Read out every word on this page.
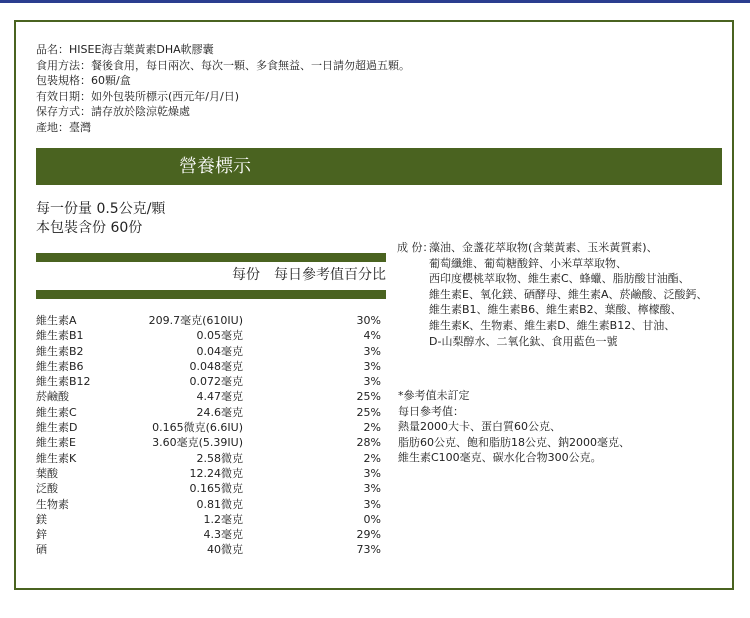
品名：HISEE海吉葉黃素DHA軟膠囊
食用方法：餐後食用，每日兩次、每次一顆、多食無益、一日請勿超過五顆。
包裝規格：60顆/盒
有效日期：如外包裝所標示(西元年/月/日)
保存方式：請存放於陰涼乾燥處
產地：臺灣
營養標示
每一份量 0.5公克/顆
本包裝含份 60份
每份　每日參考值百分比
維生素A	209.7毫克(610IU)	30%
維生素B1	0.05毫克	4%
維生素B2	0.04毫克	3%
維生素B6	0.048毫克	3%
維生素B12	0.072毫克	3%
菸鹼酸	4.47毫克	25%
維生素C	24.6毫克	25%
維生素D	0.165微克(6.6IU)	2%
維生素E	3.60毫克(5.39IU)	28%
維生素K	2.58微克	2%
葉酸	12.24微克	3%
泛酸	0.165微克	3%
生物素	0.81微克	3%
鎂	1.2毫克	0%
鋅	4.3毫克	29%
硒	40微克	73%
成 份：
藻油、金盞花萃取物(含葉黃素、玉米黃質素)、
葡萄纖維、葡萄糖酸鋅、小米草萃取物、
西印度櫻桃萃取物、維生素C、蜂蠟、脂肪酸甘油酯、
維生素E、氧化鎂、硒酵母、維生素A、菸鹼酸、泛酸鈣、
維生素B1、維生素B6、維生素B2、葉酸、檸檬酸、
維生素K、生物素、維生素D、維生素B12、甘油、
D-山梨醇水、二氧化鈦、食用藍色一號
*參考值未訂定
每日參考值：
熱量2000大卡、蛋白質60公克、
脂肪60公克、飽和脂肪18公克、鈉2000毫克、
維生素C100毫克、碳水化合物300公克。
